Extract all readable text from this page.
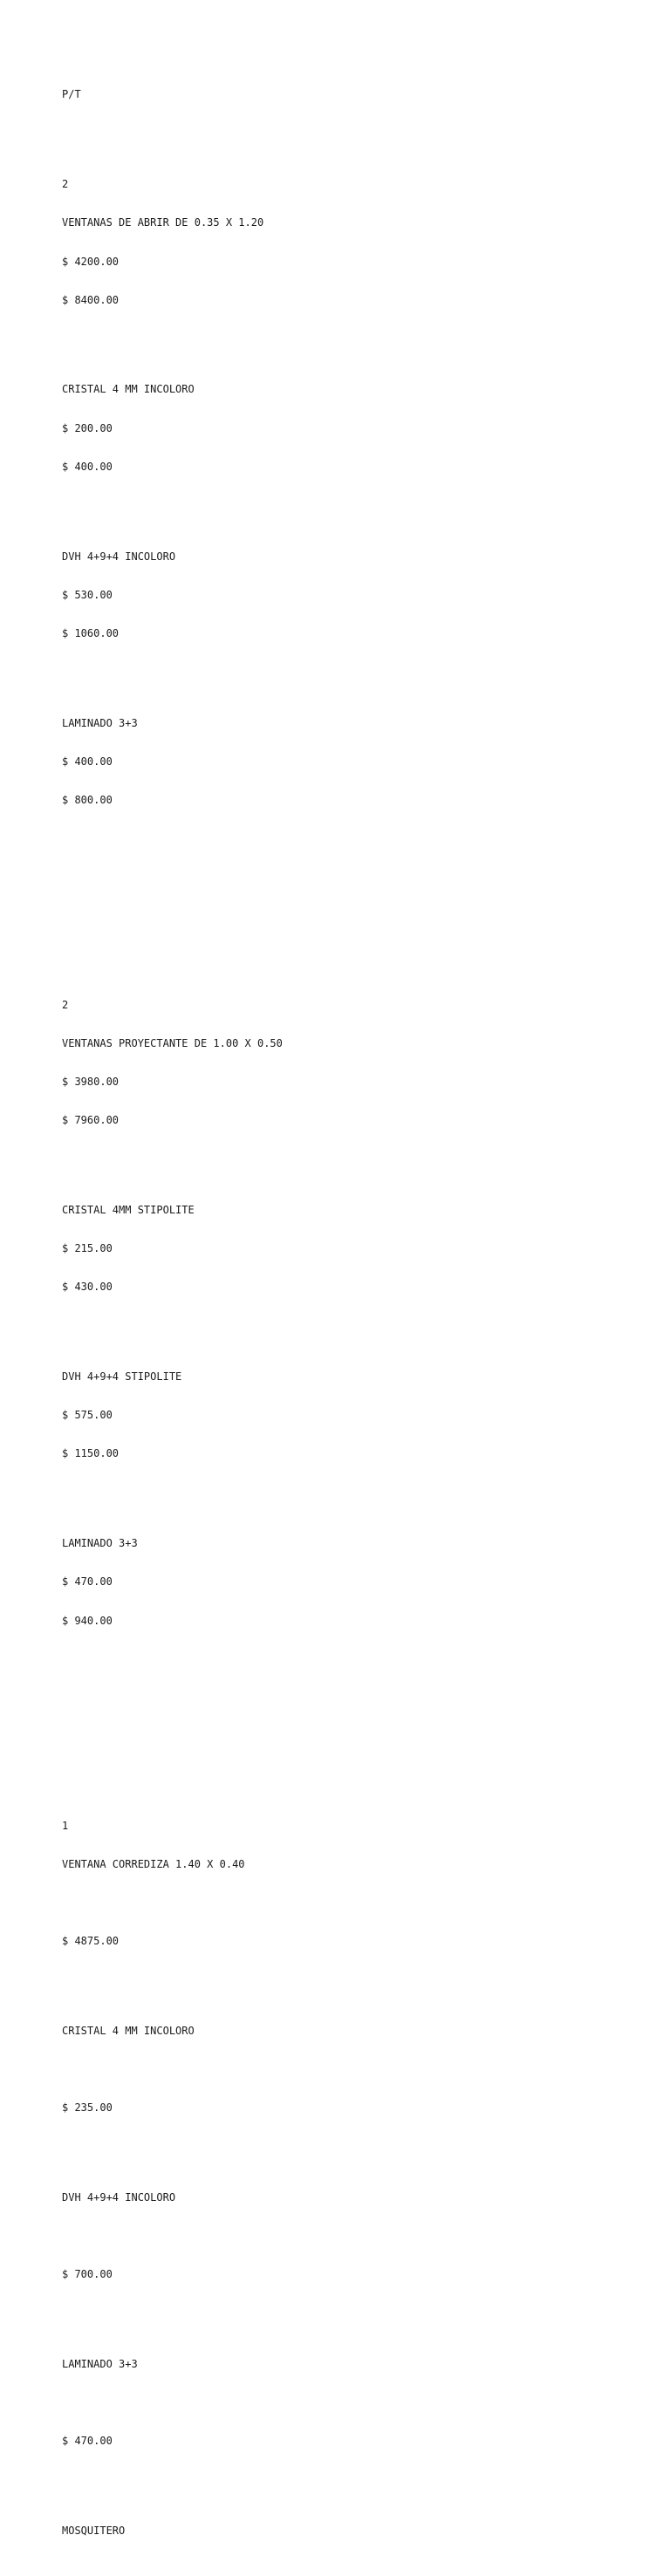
P/T

2

VENTANAS DE ABRIR DE 0.35 X 1.20

$ 4200.00

$ 8400.00

CRISTAL 4 MM INCOLORO

$ 200.00

$ 400.00

DVH 4+9+4 INCOLORO

$ 530.00

$ 1060.00

LAMINADO 3+3

$ 400.00

$ 800.00

2

VENTANAS PROYECTANTE DE 1.00 X 0.50

$ 3980.00

$ 7960.00

CRISTAL 4MM STIPOLITE

$ 215.00

$ 430.00

DVH 4+9+4 STIPOLITE

$ 575.00

$ 1150.00

LAMINADO 3+3

$ 470.00

$ 940.00

1

VENTANA CORREDIZA 1.40 X 0.40

$ 4875.00

CRISTAL 4 MM INCOLORO

$ 235.00

DVH 4+9+4 INCOLORO

$ 700.00

LAMINADO 3+3

$ 470.00

MOSQUITERO
